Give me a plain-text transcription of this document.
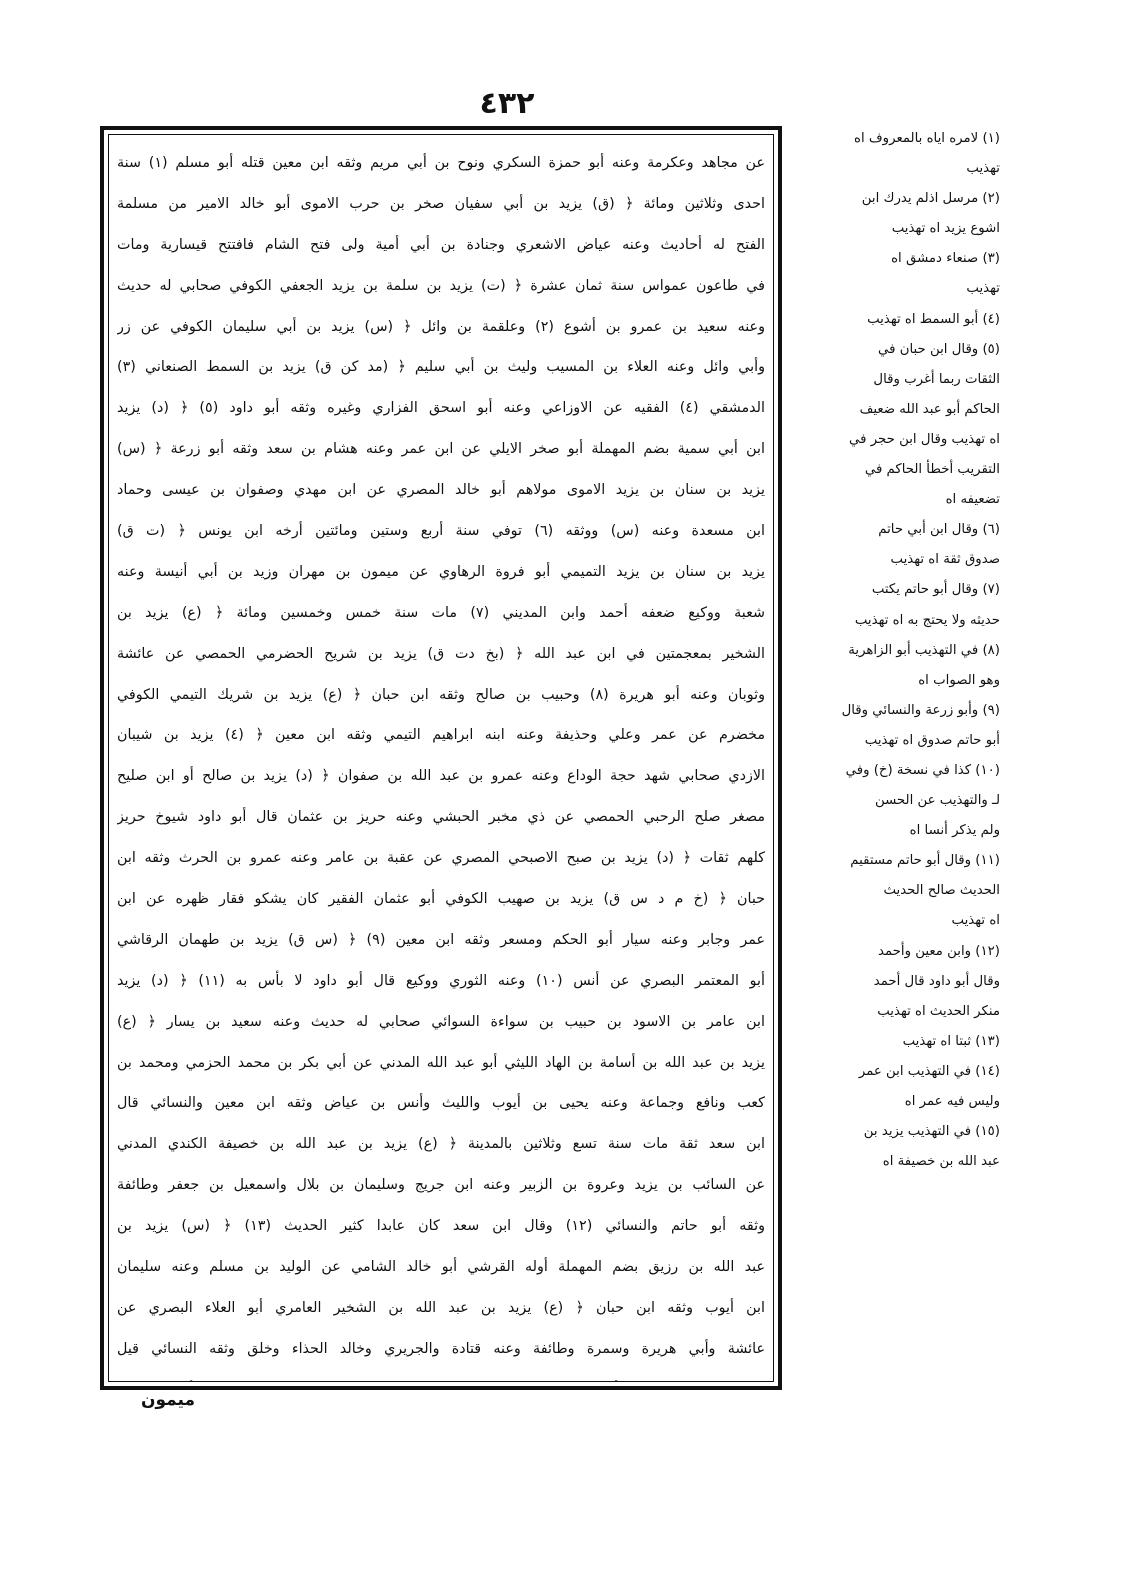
٤٣٢
عن مجاهد وعكرمة وعنه أبو حمزة السكري ونوح بن أبي مريم وثقه ابن معين قتله أبو مسلم (١) سنة
احدى وثلاثين ومائة ﴿ (ق) يزيد بن أبي سفيان صخر بن حرب الاموى أبو خالد الامير من مسلمة
الفتح له أحاديث وعنه عياض الاشعري وجنادة بن أبي أمية ولى فتح الشام فافتتح قيسارية ومات
في طاعون عمواس سنة ثمان عشرة ﴿ (ت) يزيد بن سلمة بن يزيد الجعفي الكوفي صحابي له حديث
وعنه سعيد بن عمرو بن أشوع (٢) وعلقمة بن وائل ﴿ (س) يزيد بن أبي سليمان الكوفي عن زر
وأبي وائل وعنه العلاء بن المسيب وليث بن أبي سليم ﴿ (مد كن ق) يزيد بن السمط الصنعاني (٣)
الدمشقي (٤) الفقيه عن الاوزاعي وعنه أبو اسحق الفزاري وغيره وثقه أبو داود (٥) ﴿ (د) يزيد
ابن أبي سمية بضم المهملة أبو صخر الايلي عن ابن عمر وعنه هشام بن سعد وثقه أبو زرعة ﴿ (س)
يزيد بن سنان بن يزيد الاموى مولاهم أبو خالد المصري عن ابن مهدي وصفوان بن عيسى وحماد
ابن مسعدة وعنه (س) ووثقه (٦) توفي سنة أربع وستين ومائتين أرخه ابن يونس ﴿ (ت ق)
يزيد بن سنان بن يزيد التميمي أبو فروة الرهاوي عن ميمون بن مهران وزيد بن أبي أنيسة وعنه
شعبة ووكيع ضعفه أحمد وابن المديني (٧) مات سنة خمس وخمسين ومائة ﴿ (ع) يزيد بن
الشخير بمعجمتين في ابن عبد الله ﴿ (بخ دت ق) يزيد بن شريح الحضرمي الحمصي عن عائشة
وثوبان وعنه أبو هريرة (٨) وحبيب بن صالح وثقه ابن حبان ﴿ (ع) يزيد بن شريك التيمي الكوفي
مخضرم عن عمر وعلي وحذيفة وعنه ابنه ابراهيم التيمي وثقه ابن معين ﴿ (٤) يزيد بن شيبان
الازدي صحابي شهد حجة الوداع وعنه عمرو بن عبد الله بن صفوان ﴿ (د) يزيد بن صالح أو ابن صليح
مصغر صلح الرحبي الحمصي عن ذي مخبر الحبشي وعنه حريز بن عثمان قال أبو داود شيوخ حريز
كلهم ثقات ﴿ (د) يزيد بن صبح الاصبحي المصري عن عقبة بن عامر وعنه عمرو بن الحرث وثقه ابن
حبان ﴿ (خ م د س ق) يزيد بن صهيب الكوفي أبو عثمان الفقير كان يشكو فقار ظهره عن ابن
عمر وجابر وعنه سيار أبو الحكم ومسعر وثقه ابن معين (٩) ﴿ (س ق) يزيد بن طهمان الرقاشي
أبو المعتمر البصري عن أنس (١٠) وعنه الثوري ووكيع قال أبو داود لا بأس به (١١) ﴿ (د) يزيد
ابن عامر بن الاسود بن حبيب بن سواءة السوائي صحابي له حديث وعنه سعيد بن يسار ﴿ (ع)
يزيد بن عبد الله بن أسامة بن الهاد الليثي أبو عبد الله المدني عن أبي بكر بن محمد الحزمي ومحمد بن
كعب ونافع وجماعة وعنه يحيى بن أيوب والليث وأنس بن عياض وثقه ابن معين والنسائي قال
ابن سعد ثقة مات سنة تسع وثلاثين بالمدينة ﴿ (ع) يزيد بن عبد الله بن خصيفة الكندي المدني
عن السائب بن يزيد وعروة بن الزبير وعنه ابن جريج وسليمان بن بلال واسمعيل بن جعفر وطائفة
وثقه أبو حاتم والنسائي (١٢) وقال ابن سعد كان عابدا كثير الحديث (١٣) ﴿ (س) يزيد بن
عبد الله بن رزيق بضم المهملة أوله القرشي أبو خالد الشامي عن الوليد بن مسلم وعنه سليمان
ابن أيوب وثقه ابن حبان ﴿ (ع) يزيد بن عبد الله بن الشخير العامري أبو العلاء البصري عن
عائشة وأبي هريرة وسمرة وطائفة وعنه قتادة والجريري وخالد الحذاء وخلق وثقه النسائي قيل
(١) لامره اياه بالمعروف اه
تهذيب
(٢) مرسل اذلم يدرك ابن
اشوع يزيد اه تهذيب
(٣) صنعاء دمشق اه
تهذيب
(٤) أبو السمط اه تهذيب
(٥) وقال ابن حبان في
الثقات ربما أغرب وقال
الحاكم أبو عبد الله ضعيف
اه تهذيب وقال ابن حجر في
التقريب أخطأ الحاكم في
تضعيفه اه
(٦) وقال ابن أبي حاتم
صدوق ثقة اه تهذيب
(٧) وقال أبو حاتم يكتب
حديثه ولا يحتج به اه تهذيب
(٨) في التهذيب أبو الزاهرية
وهو الصواب اه
(٩) وأبو زرعة والنسائي وقال
أبو حاتم صدوق اه تهذيب
(١٠) كذا في نسخة (خ) وفي
لـ والتهذيب عن الحسن
ولم يذكر أنسا اه
(١١) وقال أبو حاتم مستقيم
الحديث صالح الحديث
اه تهذيب
(١٢) وابن معين وأحمد
وقال أبو داود قال أحمد
منكر الحديث اه تهذيب
(١٣) ثبتا اه تهذيب
(١٤) في التهذيب ابن عمر
وليس فيه عمر اه
(١٥) في التهذيب يزيد بن
عبد الله بن خصيفة اه
ميمون
